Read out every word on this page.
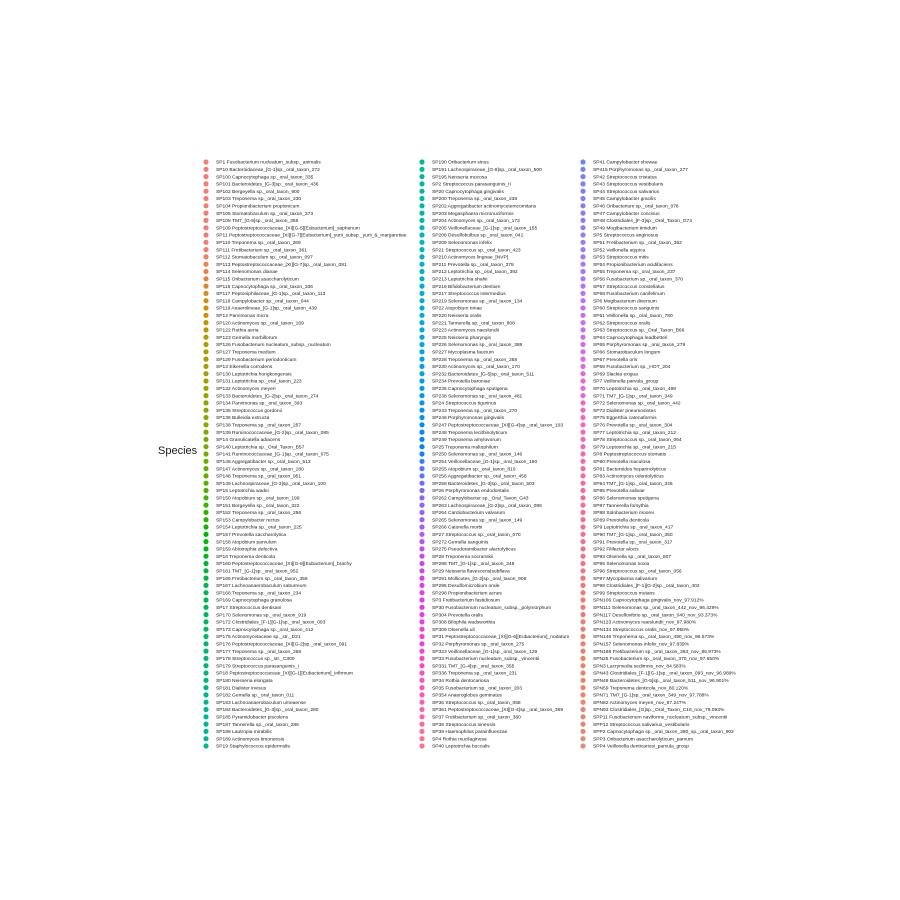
Species
SP1 Fusobacterium nucleatum_subsp._animalis
SP10 Bacteroidaceae_[G-1]sp._oral_taxon_272
SP100 Capnocytophaga sp._oral_taxon_335
SP101 Bacteroidetes_[G-3]sp._oral_taxon_436
SP102 Bergeyella sp._oral_taxon_900
SP103 Treponema sp._oral_taxon_230
SP104 Propionibacterium propionicum
SP105 Stomatobaculum sp._oral_taxon_373
SP108 TM7_[G-5]sp._oral_taxon_356
SP109 Peptostreptococcaceae_[XI][G-5][Eubacterium]_saphenum
SP11 Peptostreptococcaceae_[XI][G-7][Eubacterium]_yurii_subsp._yurii_&_margaretiae
SP110 Treponema sp._oral_taxon_269
SP111 Fretibacterium sp._oral_taxon_361
SP112 Stomatobaculum sp._oral_taxon_097
SP113 Peptostreptococcaceae_[XI][G-7]sp._oral_taxon_081
SP114 Selenomonas dianae
SP115 Oribacterium asaccharolyticum
SP116 Capnocytophaga sp._oral_taxon_336
SP117 Peptoniphilaceae_[G-1]sp._oral_taxon_113
SP118 Campylobacter sp._oral_taxon_044
SP119 Anaerolineae_[G-1]sp._oral_taxon_439
SP12 Parvimonas micra
SP120 Actinomyces sp._oral_taxon_169
SP122 Rothia aeria
SP123 Gemella morbillorum
SP126 Fusobacterium nucleatum_subsp._nucleatum
SP127 Treponema medium
SP129 Fusobacterium periodonticum
SP13 Eikenella corrodens
SP130 Leptotrichia hongkongensis
SP131 Leptotrichia sp._oral_taxon_223
SP132 Actinomyces meyeri
SP133 Bacteroidetes_[G-2]sp._oral_taxon_274
SP134 Parvimonas sp._oral_taxon_393
SP135 Streptococcus gordonii
SP136 Bulleidia extructa
SP138 Treponema sp._oral_taxon_257
SP139 Ruminococcaceae_[G-2]sp._oral_taxon_085
SP14 Granulicatella adiacens
SP140 Leptotrichia sp._Oral_Taxon_B57
SP141 Ruminococcaceae_[G-1]sp._oral_taxon_075
SP146 Aggregatibacter sp._oral_taxon_513
SP147 Actinomyces sp._oral_taxon_180
SP148 Treponema sp._oral_taxon_951
SP149 Lachnospiraceae_[G-3]sp._oral_taxon_100
SP15 Leptotrichia wadei
SP150 Atopobium sp._oral_taxon_199
SP151 Bergeyella sp._oral_taxon_322
SP152 Treponema sp._oral_taxon_256
SP153 Campylobacter rectus
SP154 Leptotrichia sp._oral_taxon_225
SP157 Prevotella saccharolytica
SP158 Atopobium parvulum
SP159 Abiotrophia defectiva
SP16 Treponema denticola
SP160 Peptostreptococcaceae_[XI][G-9][Eubacterium]_brachy
SP161 TM7_[G-1]sp._oral_taxon_952
SP165 Fretibacterium sp._oral_taxon_359
SP167 Lachnoanaerobaculum saburreum
SP168 Treponema sp._oral_taxon_234
SP169 Capnocytophaga granulosa
SP17 Streptococcus dentisani
SP170 Selenomonas sp._oral_taxon_919
SP172 Clostridiales_[F-1][G-1]sp._oral_taxon_093
SP173 Capnocytophaga sp._oral_taxon_412
SP175 Actinomycetaceae sp._str._D21
SP176 Peptostreptococcaceae_[XI][G-2]sp._oral_taxon_091
SP177 Treponema sp._oral_taxon_268
SP178 Streptococcus sp._str._C300
SP179 Streptococcus parasanguinis_I
SP18 Peptostreptococcaceae_[XI][G-1][Eubacterium]_infirmum
SP180 Neisseria elongata
SP181 Dialister invisus
SP182 Gemella sp._oral_taxon_011
SP183 Lachnoanaerobaculum umeaense
SP184 Bacteroidetes_[G-3]sp._oral_taxon_280
SP185 Pyramidobacter piscolens
SP187 Tannerella sp._oral_taxon_286
SP188 Lautropia mirabilis
SP189 Actinomyces timonensis
SP19 Staphylococcus epidermidis
SP190 Oribacterium sinus
SP191 Lachnospiraceae_[G-8]sp._oral_taxon_500
SP195 Neisseria mucosa
SP2 Streptococcus parasanguinis_II
SP20 Capnocytophaga gingivalis
SP200 Treponema sp._oral_taxon_238
SP202 Aggregatibacter actinomycetemcomitans
SP203 Megasphaera micronuciformis
SP204 Actinomyces sp._oral_taxon_172
SP205 Veillonellaceae_[G-1]sp._oral_taxon_155
SP208 Desulfobulbus sp._oral_taxon_041
SP209 Selenomonas infelix
SP21 Streptococcus sp._oral_taxon_423
SP210 Actinomyces lingnae_[NVP]
SP211 Prevotella sp._oral_taxon_378
SP212 Leptotrichia sp._oral_taxon_392
SP213 Leptotrichia shahii
SP216 Bifidobacterium dentium
SP217 Streptococcus intermedius
SP219 Selenomonas sp._oral_taxon_134
SP22 Atopobium rimae
SP220 Neisseria oralis
SP221 Tannerella sp._oral_taxon_808
SP223 Actinomyces naeslundii
SP225 Neisseria pharyngis
SP226 Selenomonas sp._oral_taxon_388
SP227 Mycoplasma faucium
SP228 Treponema sp._oral_taxon_258
SP230 Actinomyces sp._oral_taxon_170
SP232 Bacteroidetes_[G-5]sp._oral_taxon_511
SP234 Prevotella baroniae
SP236 Capnocytophaga sputigena
SP238 Selenomonas sp._oral_taxon_481
SP24 Streptococcus tigurinus
SP243 Treponema sp._oral_taxon_270
SP246 Porphyromonas gingivalis
SP247 Peptostreptococcaceae_[XI][G-4]sp._oral_taxon_103
SP248 Treponema lecithinolyticum
SP249 Treponema amylovorum
SP25 Treponema maltophilum
SP250 Selenomonas sp._oral_taxon_146
SP254 Veillonellaceae_[G-1]sp._oral_taxon_150
SP255 Atopobium sp._oral_taxon_810
SP256 Aggregatibacter sp._oral_taxon_458
SP258 Bacteroidetes_[G-3]sp._oral_taxon_503
SP26 Porphyromonas endodontalis
SP262 Campylobacter sp._Oral_Taxon_G43
SP263 Lachnospiraceae_[G-2]sp._oral_taxon_096
SP264 Cardiobacterium valvarum
SP265 Selenomonas sp._oral_taxon_149
SP266 Catonella morbi
SP27 Streptococcus sp._oral_taxon_070
SP272 Gemella sanguinis
SP275 Pseudoramibacter alactolyticus
SP28 Treponema socranskii
SP288 TM7_[G-1]sp._oral_taxon_348
SP29 Neisseria flavescens|subflava
SP291 Mollicutes_[G-2]sp._oral_taxon_906
SP295 Desulfomicrobium orale
SP298 Propionibacterium acnes
SP3 Fretibacterium fastidiosum
SP30 Fusobacterium nucleatum_subsp._polymorphum
SP304 Prevotella oralis
SP308 Bilophila wadsworthia
SP309 Olsenella uli
SP31 Peptostreptococcaceae_[XI][G-6][Eubacterium]_nodatum
SP32 Porphyromonas sp._oral_taxon_275
SP323 Veillonellaceae_[G-1]sp._oral_taxon_129
SP33 Fusobacterium nucleatum_subsp._vincentii
SP331 TM7_[G-4]sp._oral_taxon_355
SP336 Treponema sp._oral_taxon_231
SP34 Rothia dentocariosa
SP35 Fusobacterium sp._oral_taxon_203
SP354 Anaeroglobus geminatus
SP36 Streptococcus sp._oral_taxon_058
SP361 Peptostreptococcaceae_[XI][G-4]sp._oral_taxon_369
SP37 Fretibacterium sp._oral_taxon_360
SP38 Streptococcus sinensis
SP39 Haemophilus parainfluenzae
SP4 Rothia mucilaginosa
SP40 Leptotrichia buccalis
SP41 Campylobacter showae
SP415 Porphyromonas sp._oral_taxon_277
SP42 Streptococcus cristatus
SP43 Streptococcus vestibularis
SP44 Streptococcus salivarius
SP45 Campylobacter gracilis
SP46 Oribacterium sp._oral_taxon_078
SP47 Campylobacter concisus
SP48 Clostridiales_[F-3]sp._Oral_Taxon_G74
SP49 Mogibacterium timidum
SP5 Streptococcus anginosus
SP51 Fretibacterium sp._oral_taxon_362
SP52 Veillonella atypica
SP53 Streptococcus mitis
SP54 Propionibacterium acidifaciens
SP55 Treponema sp._oral_taxon_237
SP56 Fusobacterium sp._oral_taxon_370
SP57 Streptococcus constellatus
SP58 Fusobacterium canifelinum
SP6 Mogibacterium diversum
SP60 Streptococcus sanguinis
SP61 Veillonella sp._oral_taxon_780
SP62 Streptococcus oralis
SP63 Streptococcus sp._Oral_Taxon_B66
SP64 Capnocytophaga leadbetteri
SP65 Porphyromonas sp._oral_taxon_279
SP66 Stomatobaculum longum
SP67 Prevotella oris
SP68 Fusobacterium sp._HOT_204
SP69 Slackia exigua
SP7 Veillonella parvula_group
SP70 Leptotrichia sp._oral_taxon_498
SP71 TM7_[G-1]sp._oral_taxon_349
SP72 Selenomonas sp._oral_taxon_442
SP73 Dialister pneumosintes
SP75 Eggerthia catenaformis
SP76 Prevotella sp._oral_taxon_304
SP77 Leptotrichia sp._oral_taxon_212
SP78 Streptococcus sp._oral_taxon_064
SP79 Leptotrichia sp._oral_taxon_215
SP8 Peptostreptococcus stomatis
SP80 Prevotella maculosa
SP81 Bacteroides heparinolyticus
SP83 Actinomyces odontolyticus
SP84 TM7_[G-1]sp._oral_taxon_346
SP85 Prevotella salivae
SP86 Selenomonas sputigena
SP87 Tannerella forsythia
SP88 Solobacterium moorei
SP89 Prevotella denticola
SP9 Leptotrichia sp._oral_taxon_417
SP90 TM7_[G-1]sp._oral_taxon_350
SP91 Prevotella sp._oral_taxon_317
SP92 Filifactor alocis
SP93 Olsenella sp._oral_taxon_807
SP95 Selenomonas noxia
SP96 Streptococcus sp._oral_taxon_056
SP97 Mycoplasma salivarium
SP98 Clostridiales_[F-1][G-2]sp._oral_taxon_402
SP99 Streptococcus mutans
SPN106 Capnocytophaga gingivalis_nov_97.912%
SPN111 Selenomonas sp._oral_taxon_442_nov_96.429%
SPN117 Desulfovibrio sp._oral_taxon_040_nov_93.373%
SPN123 Actinomyces naeslundii_nov_97.980%
SPN134 Streptococcus oralis_nov_97.950%
SPN146 Treponema sp._oral_taxon_490_nov_96.573%
SPN157 Selenomonas infelix_nov_97.839%
SPN168 Fretibacterium sp._oral_taxon_363_nov_86.973%
SPN25 Fusobacterium sp._oral_taxon_370_nov_97.650%
SPN3 Lacrymedia sedimnis_nov_84.583%
SPN43 Clostridiales_[F-1][G-1]sp._oral_taxon_093_nov_96.989%
SPN48 Bacteroidetes_[G-5]sp._oral_taxon_511_nov_96.901%
SPN59 Treponema denticola_nov_80.120%
SPN71 TM7_[G-1]sp._oral_taxon_349_nov_97.788%
SPN82 Actinomyces meyeri_nov_87.247%
SPN93 Clostridiales_[G]sp._Oral_Taxon_C16_nov_79.093%
SPP11 Fusobacterium naviforme_nucleatum_subsp._vincentii
SPP12 Streptococcus salivarius_vestibularis
SPP2 Capnocytophaga sp._oral_taxon_380_sp._oral_taxon_902
SPP3 Oribacterium asaccharolyticum_parvum
SPP4 Veillonella denticariosi_parvula_group
